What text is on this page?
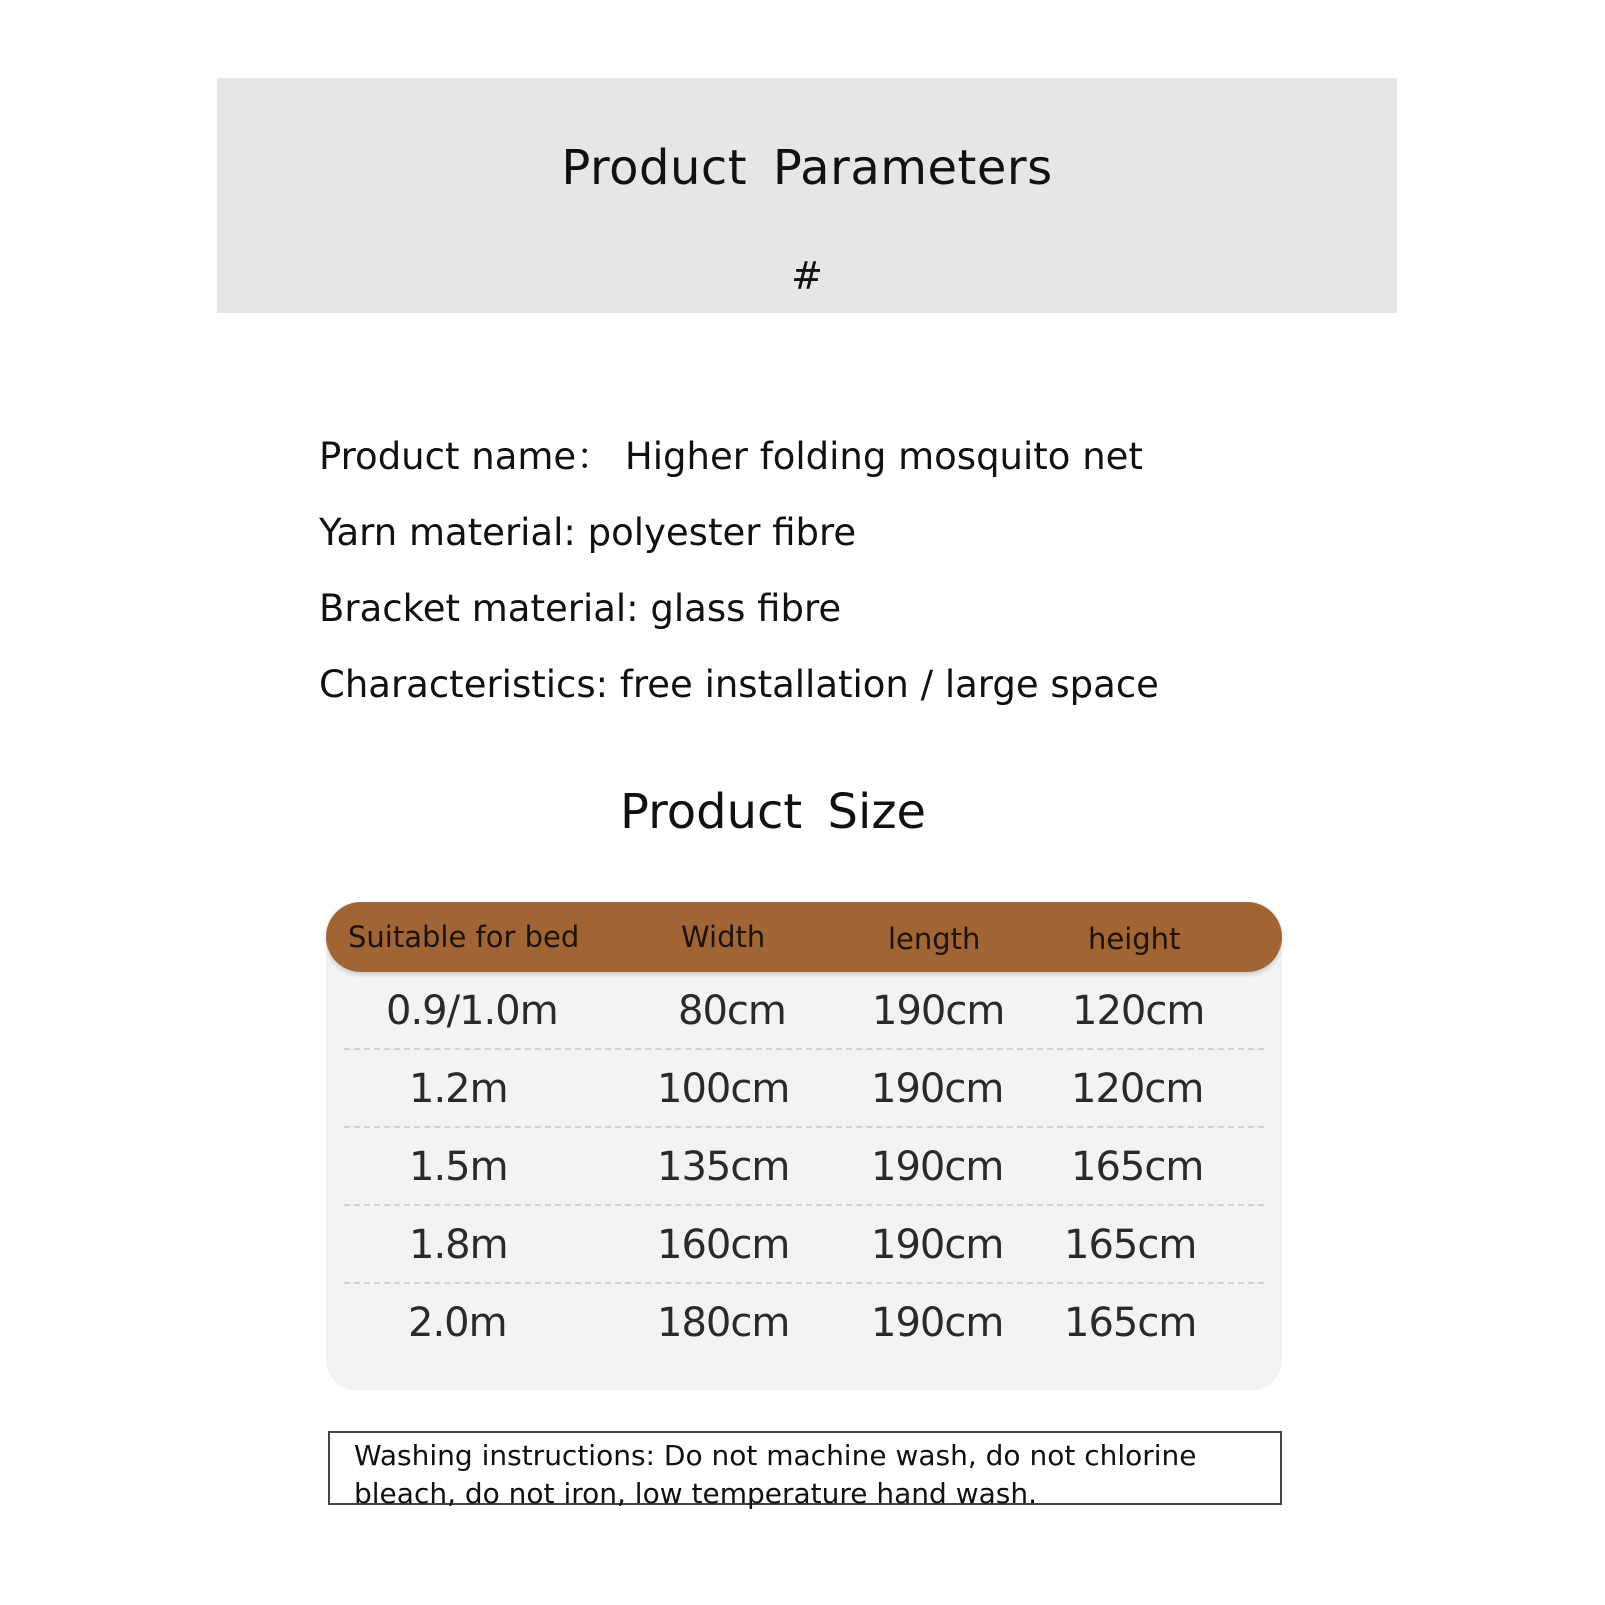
Product Parameters
#
Product name： Higher folding mosquito net
Yarn material: polyester fibre
Bracket material: glass fibre
Characteristics: free installation / large space
Product Size
Suitable for bed	Width	length	height
0.9/1.0m	80cm 190cm 120cm
1.2m	100cm 190cm 120cm
1.5m	135cm 190cm 165cm
1.8m	160cm 190cm 165cm
2.0m	180cm 190cm 165cm
Washing instructions: Do not machine wash, do not chlorine bleach, do not iron, low temperature hand wash.
